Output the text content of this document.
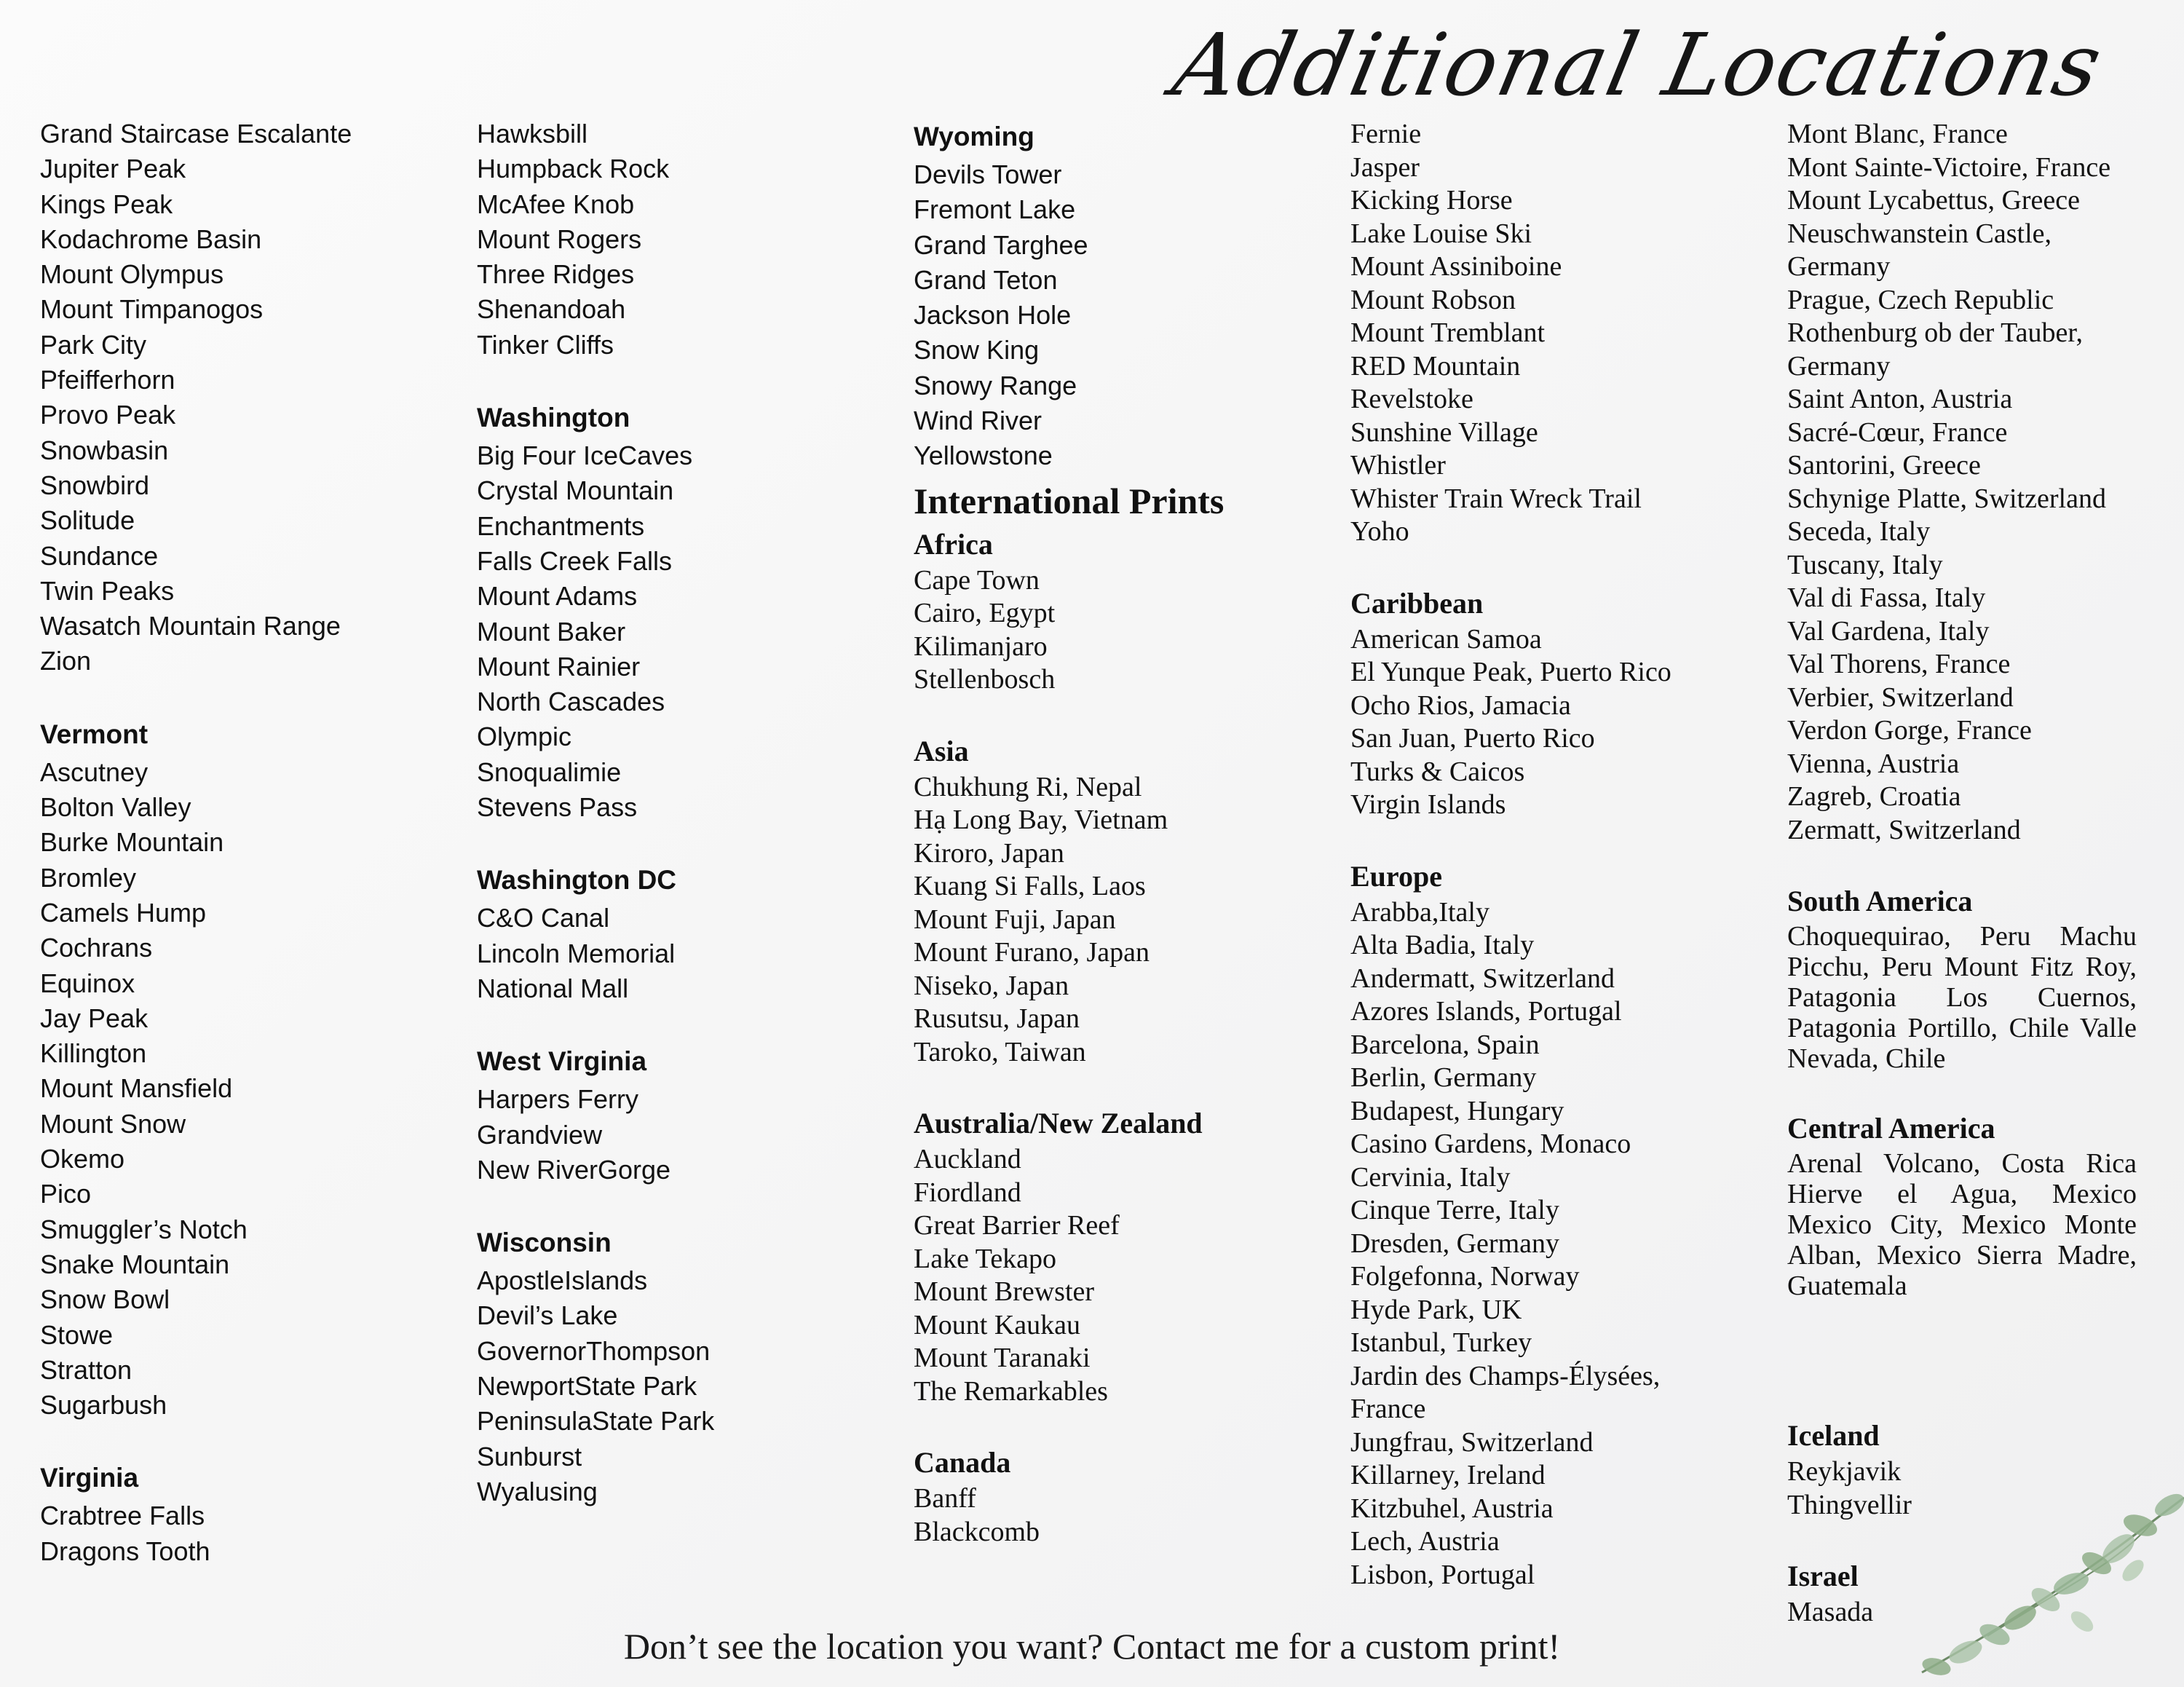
Additional Locations
Grand Staircase Escalante
Jupiter Peak
Kings Peak
Kodachrome Basin
Mount Olympus
Mount Timpanogos
Park City
Pfeifferhorn
Provo Peak
Snowbasin
Snowbird
Solitude
Sundance
Twin Peaks
Wasatch Mountain Range
Zion
Vermont
Ascutney
Bolton Valley
Burke Mountain
Bromley
Camels Hump
Cochrans
Equinox
Jay Peak
Killington
Mount Mansfield
Mount Snow
Okemo
Pico
Smuggler’s Notch
Snake Mountain
Snow Bowl
Stowe
Stratton
Sugarbush
Virginia
Crabtree Falls
Dragons Tooth
Hawksbill
Humpback Rock
McAfee Knob
Mount Rogers
Three Ridges
Shenandoah
Tinker Cliffs
Washington
Big Four IceCaves
Crystal Mountain
Enchantments
Falls Creek Falls
Mount Adams
Mount Baker
Mount Rainier
North Cascades
Olympic
Snoqualimie
Stevens Pass
Washington DC
C&O Canal
Lincoln Memorial
National Mall
West Virginia
Harpers Ferry
Grandview
New RiverGorge
Wisconsin
ApostleIslands
Devil’s Lake
GovernorThompson
NewportState Park
PeninsulaState Park
Sunburst
Wyalusing
Wyoming
Devils Tower
Fremont Lake
Grand Targhee
Grand Teton
Jackson Hole
Snow King
Snowy Range
Wind River
Yellowstone
International Prints
Africa
Cape Town
Cairo, Egypt
Kilimanjaro
Stellenbosch
Asia
Chukhung Ri, Nepal
Hạ Long Bay, Vietnam
Kiroro, Japan
Kuang Si Falls, Laos
Mount Fuji, Japan
Mount Furano, Japan
Niseko, Japan
Rusutsu, Japan
Taroko, Taiwan
Australia/New Zealand
Auckland
Fiordland
Great Barrier Reef
Lake Tekapo
Mount Brewster
Mount Kaukau
Mount Taranaki
The Remarkables
Canada
Banff
Blackcomb
Fernie
Jasper
Kicking Horse
Lake Louise Ski
Mount Assiniboine
Mount Robson
Mount Tremblant
RED Mountain
Revelstoke
Sunshine Village
Whistler
Whister Train Wreck Trail
Yoho
Caribbean
American Samoa
El Yunque Peak, Puerto Rico
Ocho Rios, Jamacia
San Juan, Puerto Rico
Turks & Caicos
Virgin Islands
Europe
Arabba,Italy
Alta Badia, Italy
Andermatt, Switzerland
Azores Islands, Portugal
Barcelona, Spain
Berlin, Germany
Budapest, Hungary
Casino Gardens, Monaco
Cervinia, Italy
Cinque Terre, Italy
Dresden, Germany
Folgefonna, Norway
Hyde Park, UK
Istanbul, Turkey
Jardin des Champs-Élysées,
France
Jungfrau, Switzerland
Killarney, Ireland
Kitzbuhel, Austria
Lech, Austria
Lisbon, Portugal
Mont Blanc, France
Mont Sainte-Victoire, France
Mount Lycabettus, Greece
Neuschwanstein Castle,
Germany
Prague, Czech Republic
Rothenburg ob der Tauber,
Germany
Saint Anton, Austria
Sacré-Cœur, France
Santorini, Greece
Schynige Platte, Switzerland
Seceda, Italy
Tuscany, Italy
Val di Fassa, Italy
Val Gardena, Italy
Val Thorens, France
Verbier, Switzerland
Verdon Gorge, France
Vienna, Austria
Zagreb, Croatia
Zermatt, Switzerland
South America
Choquequirao, Peru Machu Picchu, Peru Mount Fitz Roy, Patagonia Los Cuernos, Patagonia Portillo, Chile Valle Nevada, Chile
Central America
Arenal Volcano, Costa Rica Hierve el Agua, Mexico Mexico City, Mexico Monte Alban, Mexico Sierra Madre, Guatemala
Iceland
Reykjavik
Thingvellir
Israel
Masada
Don’t see the location you want? Contact me for a custom print!
